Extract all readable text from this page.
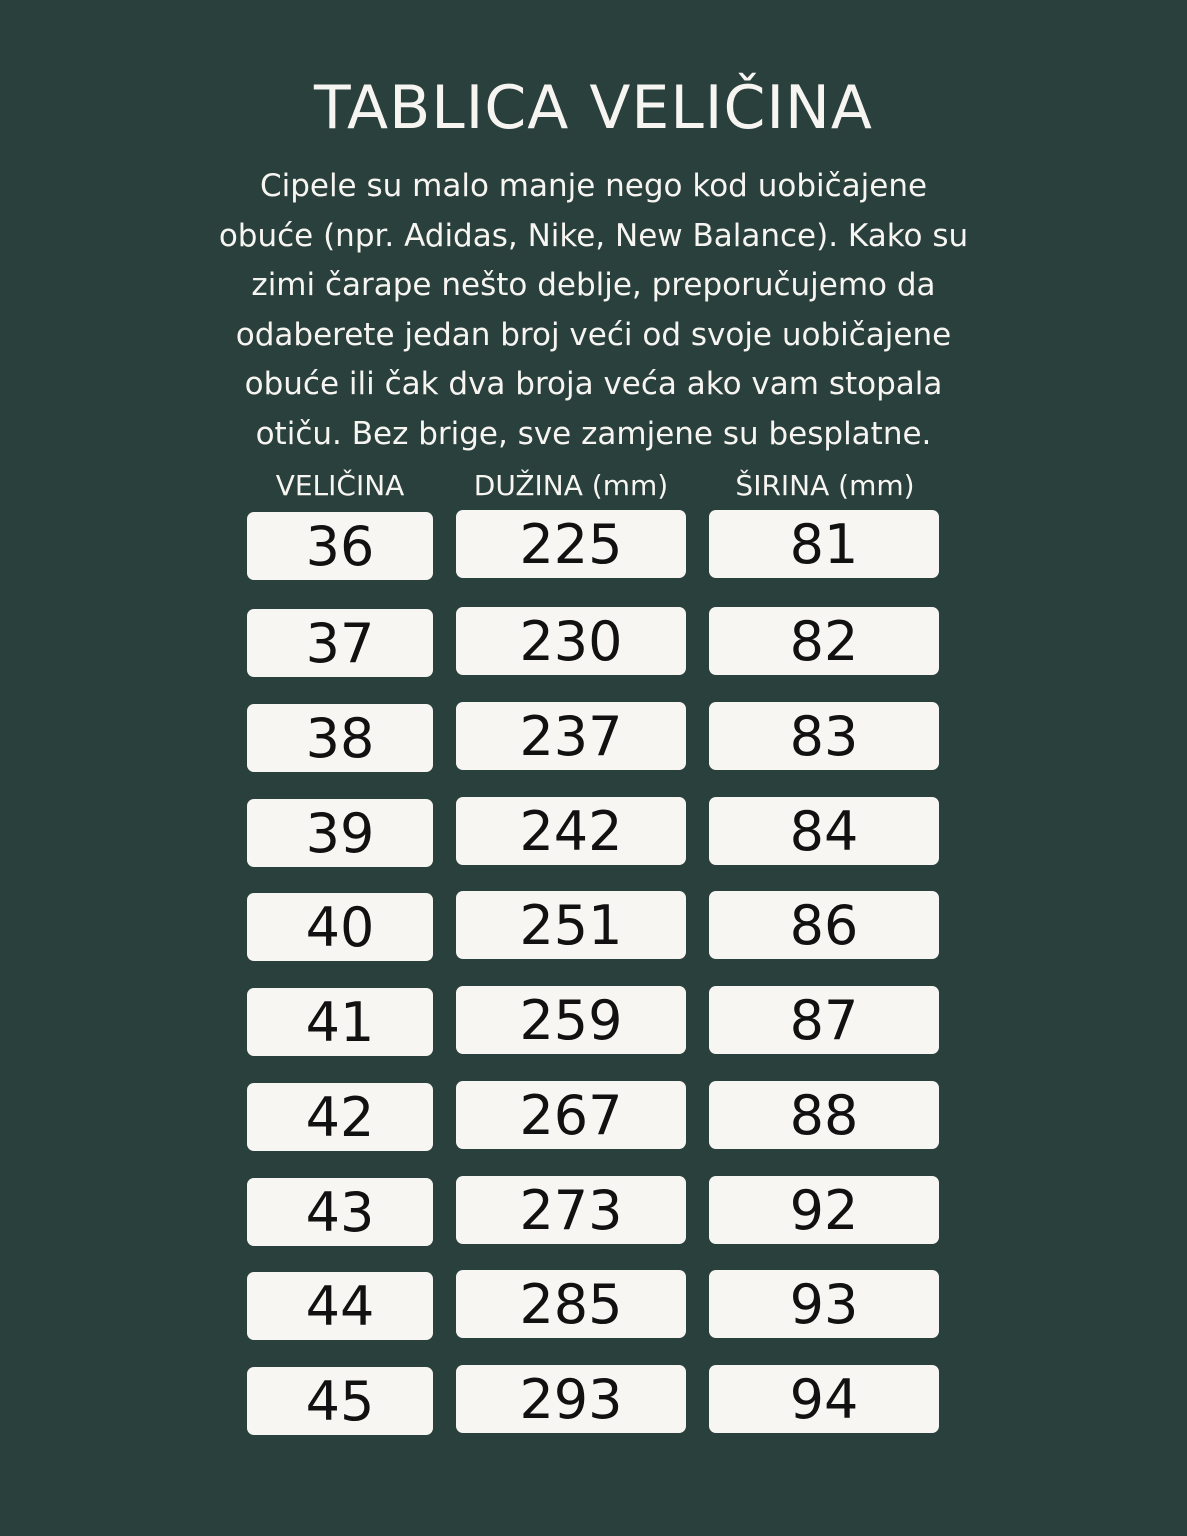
TABLICA VELIČINA
Cipele su malo manje nego kod uobičajene
obuće (npr. Adidas, Nike, New Balance). Kako su
zimi čarape nešto deblje, preporučujemo da
odaberete jedan broj veći od svoje uobičajene
obuće ili čak dva broja veća ako vam stopala
otiču. Bez brige, sve zamjene su besplatne.
VELIČINA	DUŽINA (mm)	ŠIRINA (mm)
36	225	81
37	230	82
38	237	83
39	242	84
40	251	86
41	259	87
42	267	88
43	273	92
44	285	93
45	293	94
